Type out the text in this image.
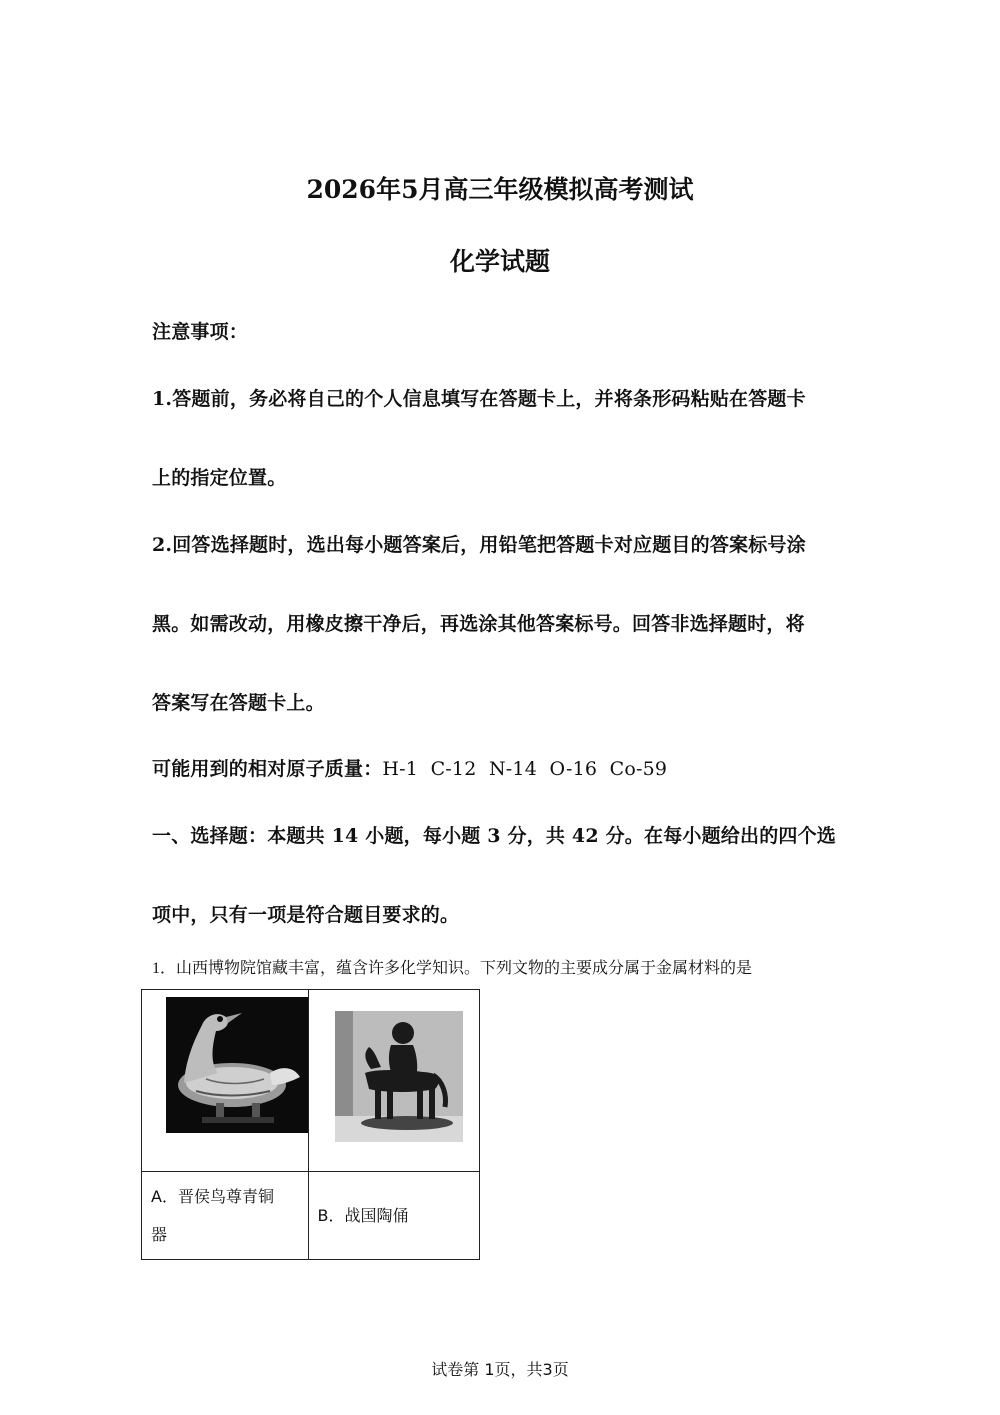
2026年5月高三年级模拟高考测试
化学试题
注意事项：
1.答题前，务必将自己的个人信息填写在答题卡上，并将条形码粘贴在答题卡
上的指定位置。
2.回答选择题时，选出每小题答案后，用铅笔把答题卡对应题目的答案标号涂
黑。如需改动，用橡皮擦干净后，再选涂其他答案标号。回答非选择题时，将
答案写在答题卡上。
可能用到的相对原子质量：H-1  C-12  N-14  O-16  Co-59
一、选择题：本题共 14 小题，每小题 3 分，共 42 分。在每小题给出的四个选
项中，只有一项是符合题目要求的。
1．山西博物院馆藏丰富，蕴含许多化学知识。下列文物的主要成分属于金属材料的是

A．晋侯鸟尊青铜
器	B．战国陶俑
试卷第 1页，共3页
